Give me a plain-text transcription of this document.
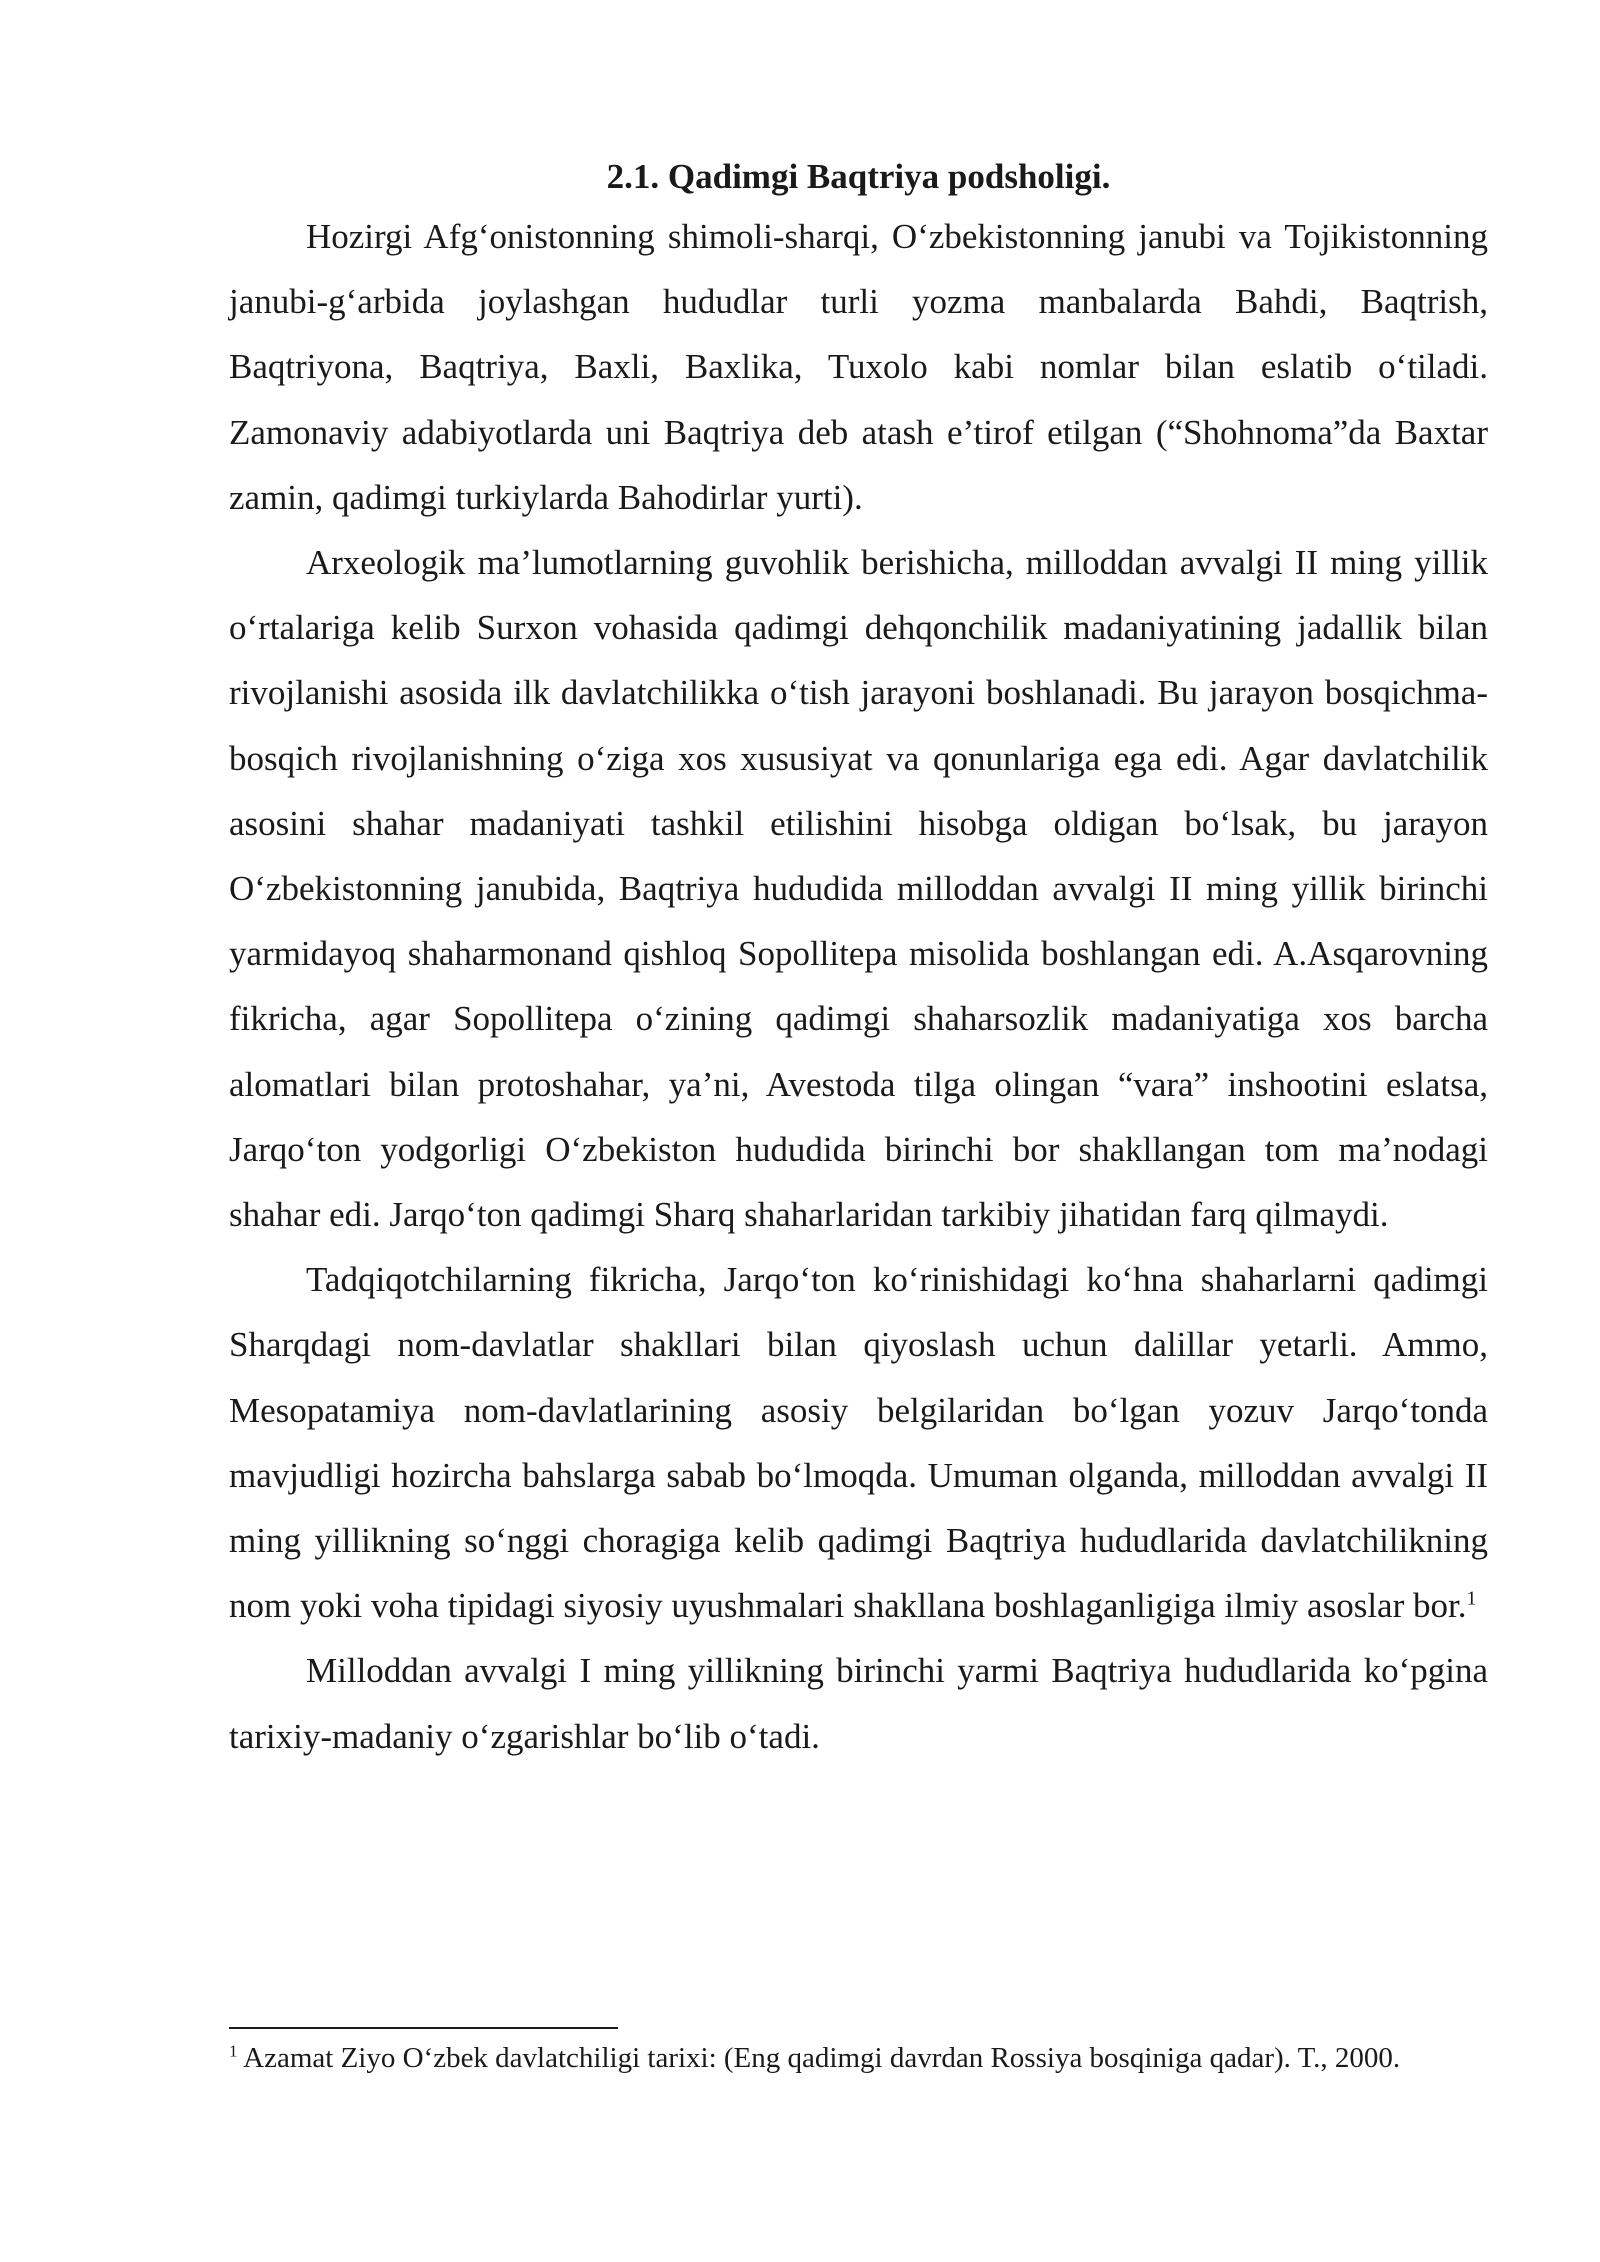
2.1. Qadimgi Baqtriya podsholigi.

Hozirgi Afg‘onistonning shimoli-sharqi, O‘zbekistonning janubi va Tojikistonning janubi-g‘arbida joylashgan hududlar turli yozma manbalarda Bahdi, Baqtrish, Baqtriyona, Baqtriya, Baxli, Baxlika, Tuxolo kabi nomlar bilan eslatib o‘tiladi. Zamonaviy adabiyotlarda uni Baqtriya deb atash e’tirof etilgan (“Shohnoma”da Baxtar zamin, qadimgi turkiylarda Bahodirlar yurti).

Arxeologik ma’lumotlarning guvohlik berishicha, milloddan avvalgi II ming yillik o‘rtalariga kelib Surxon vohasida qadimgi dehqonchilik madaniyatining jadallik bilan rivojlanishi asosida ilk davlatchilikka o‘tish jarayoni boshlanadi. Bu jarayon bosqichma-bosqich rivojlanishning o‘ziga xos xususiyat va qonunlariga ega edi. Agar davlatchilik asosini shahar madaniyati tashkil etilishini hisobga oldigan bo‘lsak, bu jarayon O‘zbekistonning janubida, Baqtriya hududida milloddan avvalgi II ming yillik birinchi yarmidayoq shaharmonand qishloq Sopollitepa misolida boshlangan edi. A.Asqarovning fikricha, agar Sopollitepa o‘zining qadimgi shaharsozlik madaniyatiga xos barcha alomatlari bilan protoshahar, ya’ni, Avestoda tilga olingan “vara” inshootini eslatsa, Jarqo‘ton yodgorligi O‘zbekiston hududida birinchi bor shakllangan tom ma’nodagi shahar edi. Jarqo‘ton qadimgi Sharq shaharlaridan tarkibiy jihatidan farq qilmaydi.

Tadqiqotchilarning fikricha, Jarqo‘ton ko‘rinishidagi ko‘hna shaharlarni qadimgi Sharqdagi nom-davlatlar shakllari bilan qiyoslash uchun dalillar yetarli. Ammo, Mesopatamiya nom-davlatlarining asosiy belgilaridan bo‘lgan yozuv Jarqo‘tonda mavjudligi hozircha bahslarga sabab bo‘lmoqda. Umuman olganda, milloddan avvalgi II ming yillikning so‘nggi choragiga kelib qadimgi Baqtriya hududlarida davlatchilikning nom yoki voha tipidagi siyosiy uyushmalari shakllana boshlaganligiga ilmiy asoslar bor.$^1$

Milloddan avvalgi I ming yillikning birinchi yarmi Baqtriya hududlarida ko‘pgina tarixiy-madaniy o‘zgarishlar bo‘lib o‘tadi.

$^1$ Azamat Ziyo O‘zbek davlatchiligi tarixi: (Eng qadimgi davrdan Rossiya bosqiniga qadar). T., 2000.
